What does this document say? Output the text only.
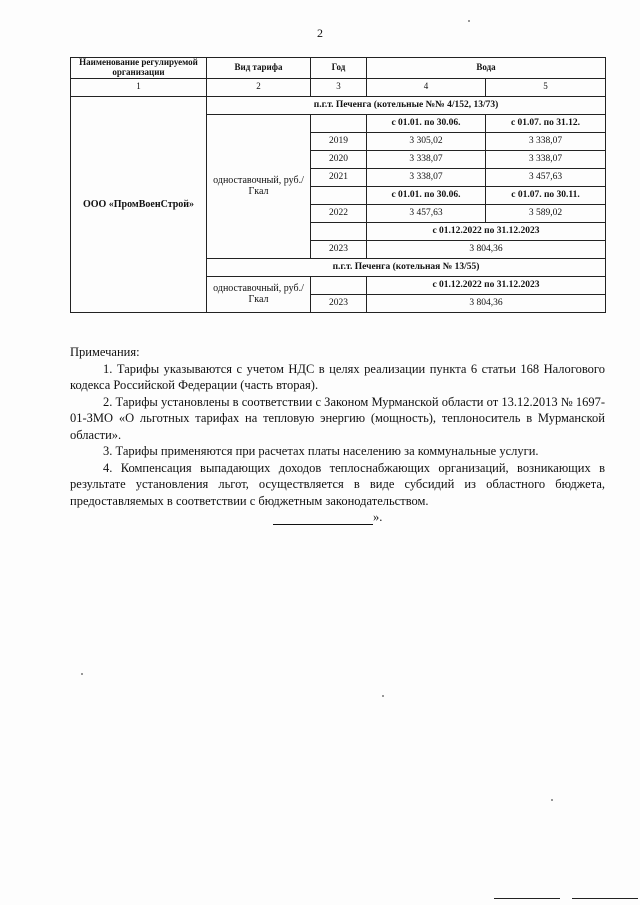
2
Наименование регулируемой организации	Вид тарифа	Год	Вода	
1	2	3	4	5
ООО «ПромВоенСтрой»	п.г.т. Печенга (котельные №№ 4/152, 13/73)			
	одноставочный, руб./Гкал		с 01.01. по 30.06.	с 01.07. по 31.12.
		2019	3 305,02	3 338,07
		2020	3 338,07	3 338,07
		2021	3 338,07	3 457,63
			с 01.01. по 30.06.	с 01.07. по 30.11.
		2022	3 457,63	3 589,02
			с 01.12.2022 по 31.12.2023	
		2023	3 804,36	
	п.г.т. Печенга (котельная № 13/55)			
	одноставочный, руб./Гкал		с 01.12.2022 по 31.12.2023	
		2023	3 804,36	

Примечания:

1. Тарифы указываются с учетом НДС в целях реализации пункта 6 статьи 168 Налогового кодекса Российской Федерации (часть вторая).

2. Тарифы установлены в соответствии с Законом Мурманской области от 13.12.2013 № 1697-01-ЗМО «О льготных тарифах на тепловую энергию (мощность), теплоноситель в Мурманской области».

3. Тарифы применяются при расчетах платы населению за коммунальные услуги.

4. Компенсация выпадающих доходов теплоснабжающих организаций, возникающих в результате установления льгот, осуществляется в виде субсидий из областного бюджета, предоставляемых в соответствии с бюджетным законодательством.

».
